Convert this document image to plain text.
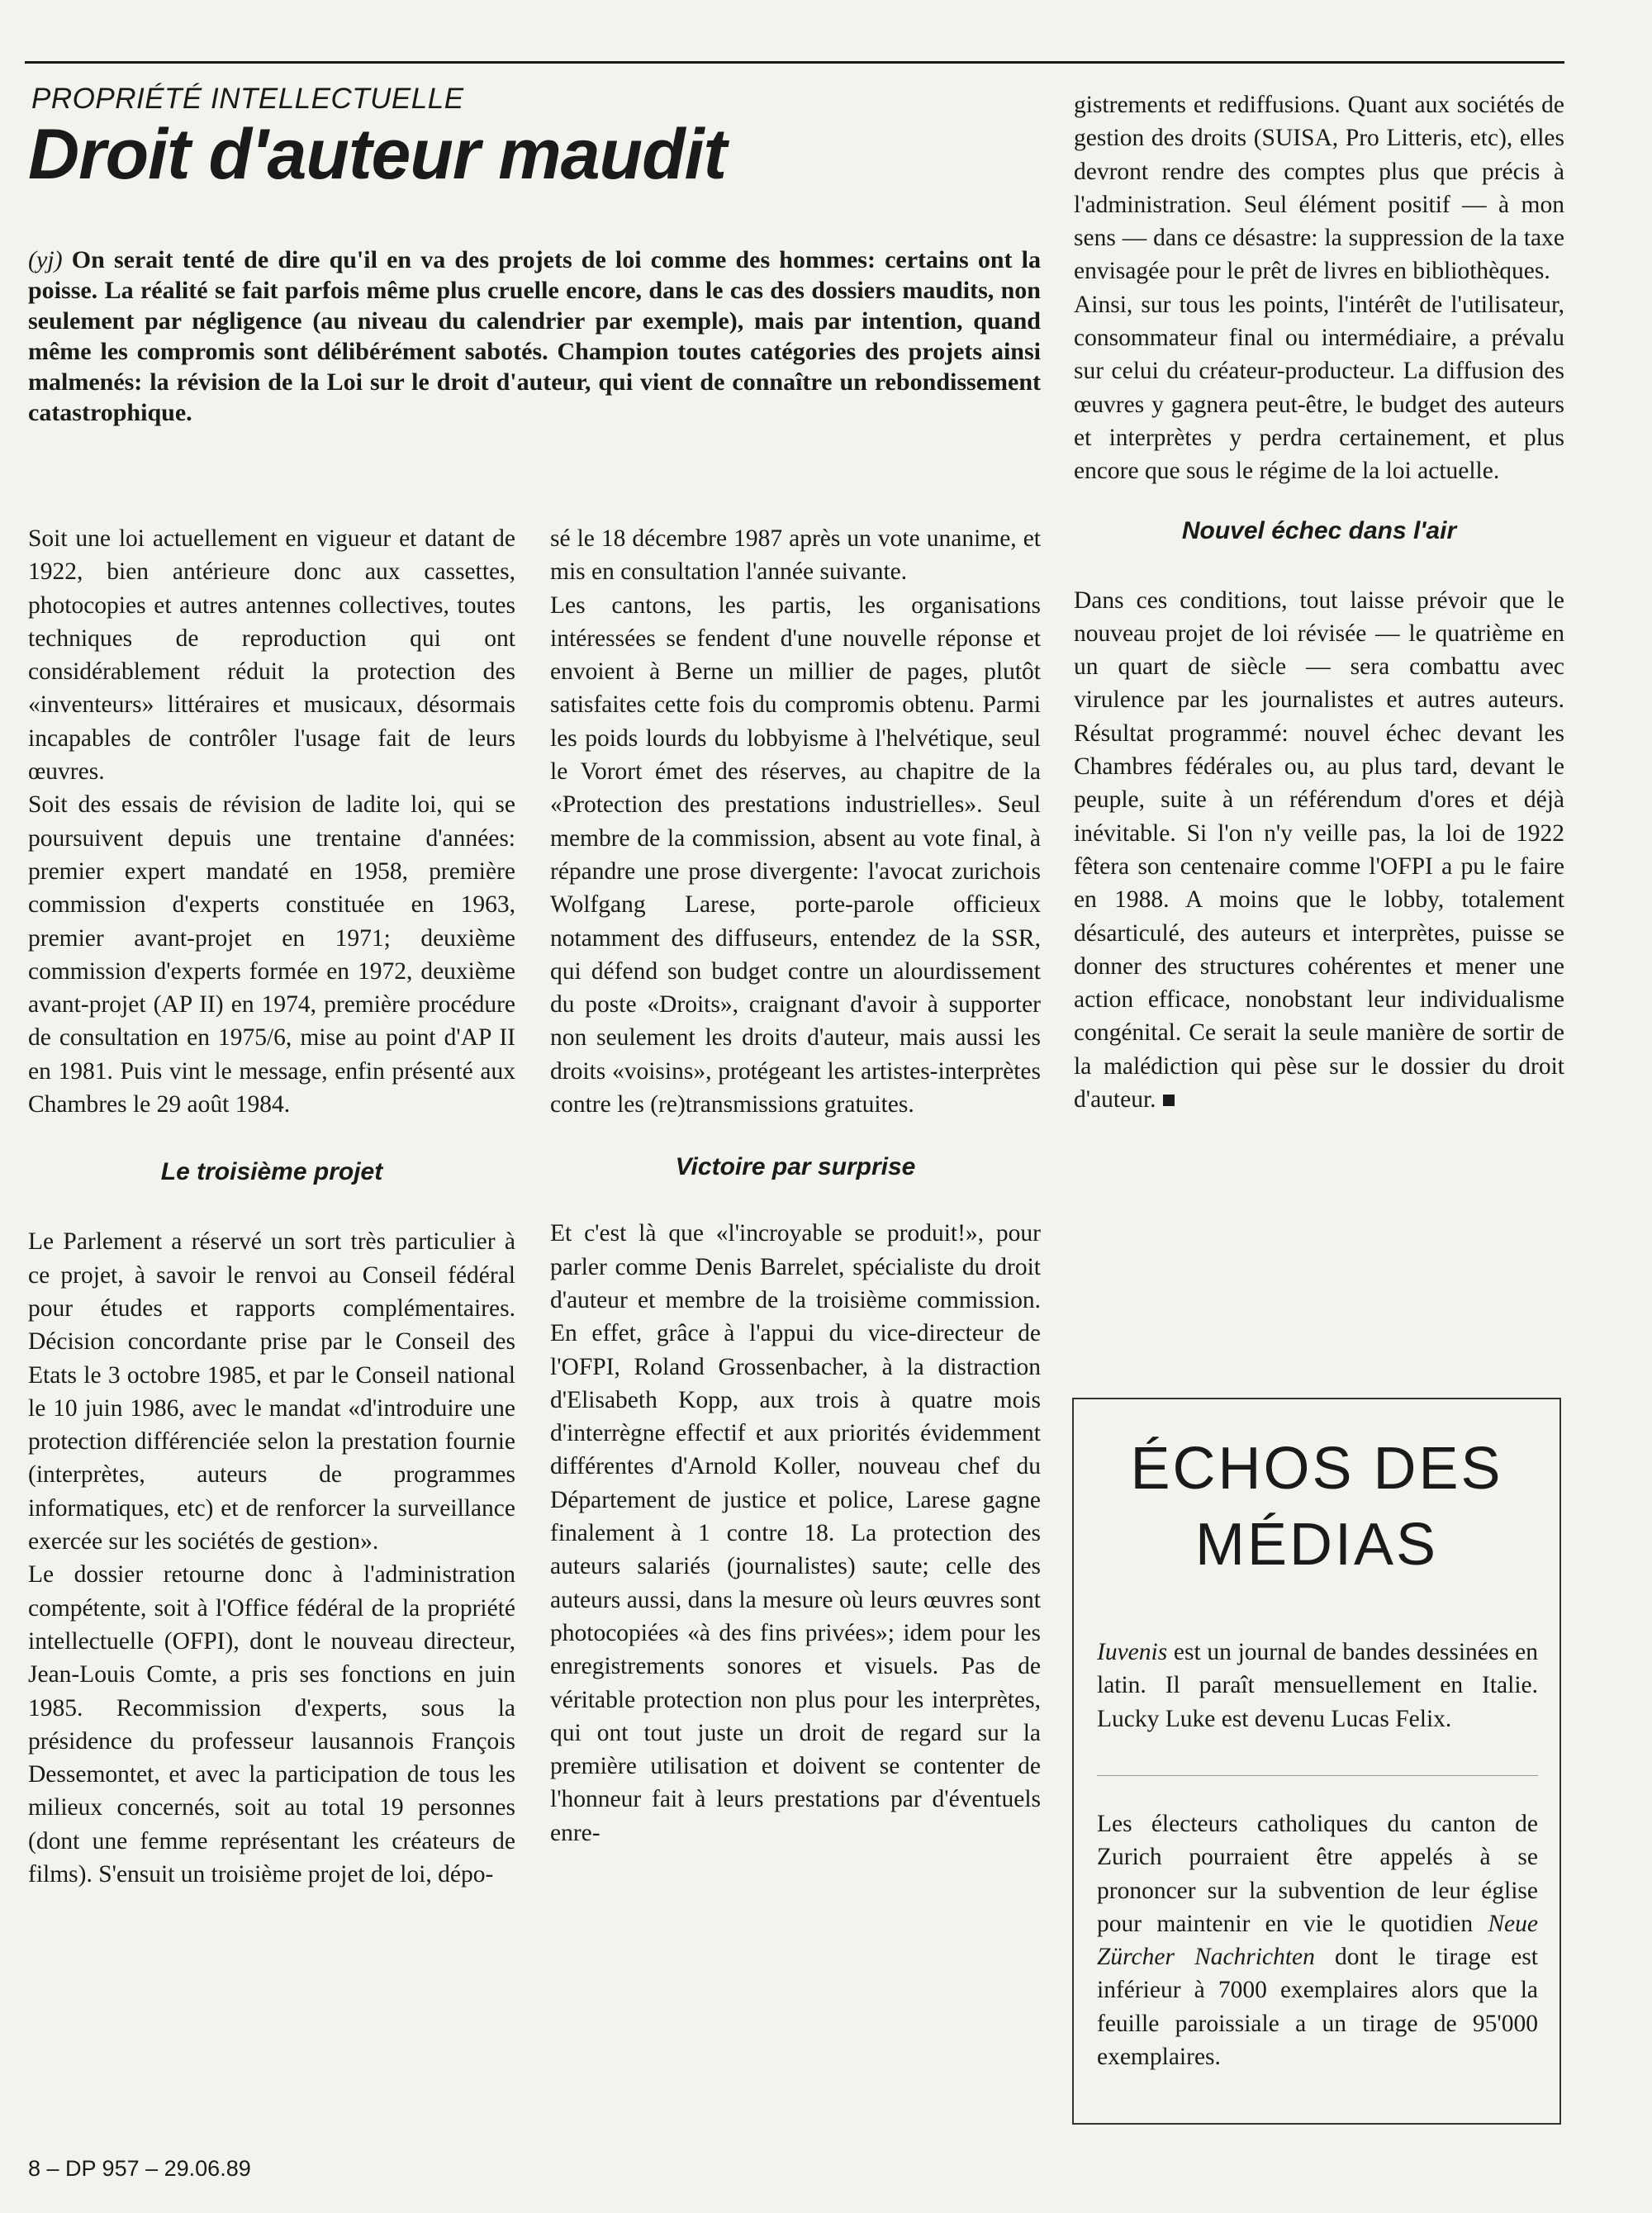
PROPRIÉTÉ INTELLECTUELLE
Droit d'auteur maudit

(yj) On serait tenté de dire qu'il en va des projets de loi comme des hommes: certains ont la poisse. La réalité se fait parfois même plus cruelle encore, dans le cas des dossiers maudits, non seulement par négligence (au niveau du calendrier par exemple), mais par intention, quand même les compromis sont délibérément sabotés. Champion toutes catégories des projets ainsi malmenés: la révision de la Loi sur le droit d'auteur, qui vient de connaître un rebondissement catastrophique.

Soit une loi actuellement en vigueur et datant de 1922, bien antérieure donc aux cassettes, photocopies et autres antennes collectives, toutes techniques de reproduction qui ont considérablement réduit la protection des «inventeurs» littéraires et musicaux, désormais incapables de contrôler l'usage fait de leurs œuvres.

Soit des essais de révision de ladite loi, qui se poursuivent depuis une trentaine d'années: premier expert mandaté en 1958, première commission d'experts constituée en 1963, premier avant-projet en 1971; deuxième commission d'experts formée en 1972, deuxième avant-projet (AP II) en 1974, première procédure de consultation en 1975/6, mise au point d'AP II en 1981. Puis vint le message, enfin présenté aux Chambres le 29 août 1984.

Le troisième projet

Le Parlement a réservé un sort très particulier à ce projet, à savoir le renvoi au Conseil fédéral pour études et rapports complémentaires. Décision concordante prise par le Conseil des Etats le 3 octobre 1985, et par le Conseil national le 10 juin 1986, avec le mandat «d'introduire une protection différenciée selon la prestation fournie (interprètes, auteurs de programmes informatiques, etc) et de renforcer la surveillance exercée sur les sociétés de gestion».

Le dossier retourne donc à l'administration compétente, soit à l'Office fédéral de la propriété intellectuelle (OFPI), dont le nouveau directeur, Jean-Louis Comte, a pris ses fonctions en juin 1985. Recommission d'experts, sous la présidence du professeur lausannois François Dessemontet, et avec la participation de tous les milieux concernés, soit au total 19 personnes (dont une femme représentant les créateurs de films). S'ensuit un troisième projet de loi, dépo-

sé le 18 décembre 1987 après un vote unanime, et mis en consultation l'année suivante.

Les cantons, les partis, les organisations intéressées se fendent d'une nouvelle réponse et envoient à Berne un millier de pages, plutôt satisfaites cette fois du compromis obtenu. Parmi les poids lourds du lobbyisme à l'helvétique, seul le Vorort émet des réserves, au chapitre de la «Protection des prestations industrielles». Seul membre de la commission, absent au vote final, à répandre une prose divergente: l'avocat zurichois Wolfgang Larese, porte-parole officieux notamment des diffuseurs, entendez de la SSR, qui défend son budget contre un alourdissement du poste «Droits», craignant d'avoir à supporter non seulement les droits d'auteur, mais aussi les droits «voisins», protégeant les artistes-interprètes contre les (re)transmissions gratuites.

Victoire par surprise

Et c'est là que «l'incroyable se produit!», pour parler comme Denis Barrelet, spécialiste du droit d'auteur et membre de la troisième commission. En effet, grâce à l'appui du vice-directeur de l'OFPI, Roland Grossenbacher, à la distraction d'Elisabeth Kopp, aux trois à quatre mois d'interrègne effectif et aux priorités évidemment différentes d'Arnold Koller, nouveau chef du Département de justice et police, Larese gagne finalement à 1 contre 18. La protection des auteurs salariés (journalistes) saute; celle des auteurs aussi, dans la mesure où leurs œuvres sont photocopiées «à des fins privées»; idem pour les enregistrements sonores et visuels. Pas de véritable protection non plus pour les interprètes, qui ont tout juste un droit de regard sur la première utilisation et doivent se contenter de l'honneur fait à leurs prestations par d'éventuels enre-

gistrements et rediffusions. Quant aux sociétés de gestion des droits (SUISA, Pro Litteris, etc), elles devront rendre des comptes plus que précis à l'administration. Seul élément positif — à mon sens — dans ce désastre: la suppression de la taxe envisagée pour le prêt de livres en bibliothèques.

Ainsi, sur tous les points, l'intérêt de l'utilisateur, consommateur final ou intermédiaire, a prévalu sur celui du créateur-producteur. La diffusion des œuvres y gagnera peut-être, le budget des auteurs et interprètes y perdra certainement, et plus encore que sous le régime de la loi actuelle.

Nouvel échec dans l'air

Dans ces conditions, tout laisse prévoir que le nouveau projet de loi révisée — le quatrième en un quart de siècle — sera combattu avec virulence par les journalistes et autres auteurs. Résultat programmé: nouvel échec devant les Chambres fédérales ou, au plus tard, devant le peuple, suite à un référendum d'ores et déjà inévitable. Si l'on n'y veille pas, la loi de 1922 fêtera son centenaire comme l'OFPI a pu le faire en 1988. A moins que le lobby, totalement désarticulé, des auteurs et interprètes, puisse se donner des structures cohérentes et mener une action efficace, nonobstant leur individualisme congénital. Ce serait la seule manière de sortir de la malédiction qui pèse sur le dossier du droit d'auteur.

ÉCHOS DES
MÉDIAS

Iuvenis est un journal de bandes dessinées en latin. Il paraît mensuellement en Italie. Lucky Luke est devenu Lucas Felix.

Les électeurs catholiques du canton de Zurich pourraient être appelés à se prononcer sur la subvention de leur église pour maintenir en vie le quotidien Neue Zürcher Nachrichten dont le tirage est inférieur à 7000 exemplaires alors que la feuille paroissiale a un tirage de 95'000 exemplaires.

8 – DP 957 – 29.06.89
